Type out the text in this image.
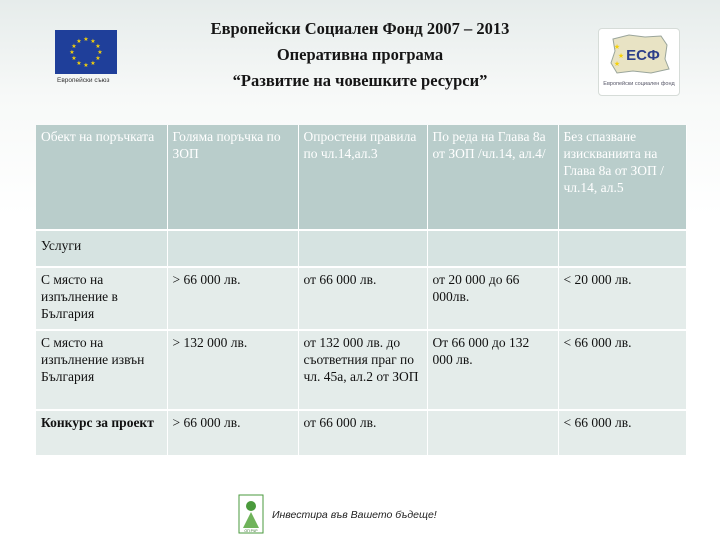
★ ★
★
★
★
★
★
★
★
★
★
★
Европейски съюз
Европейски Социален Фонд 2007 – 2013
Оперативна програма
“Развитие на човешките ресурси”
★
★
★ ЕСФ
Европейски социален фонд
Обект на поръчката	Голяма поръчка по ЗОП	Опростени правила по чл.14,ал.3	По реда на Глава 8а от ЗОП /чл.14, ал.4/	Без спазване изискванията на Глава 8а от ЗОП /чл.14, ал.5
Услуги				
С място на изпълнение в България	> 66 000 лв.	от 66 000 лв.	от 20 000 до 66 000лв.	< 20 000 лв.
С място на изпълнение извън България	> 132 000 лв.	от 132 000 лв. до съответния праг по чл. 45а, ал.2 от ЗОП	От 66 000 до 132 000 лв.	< 66 000 лв.
Конкурс за проект	> 66 000 лв.	от 66 000 лв.		< 66 000 лв.
ОП РЧР
Инвестира във Вашето бъдеще!
